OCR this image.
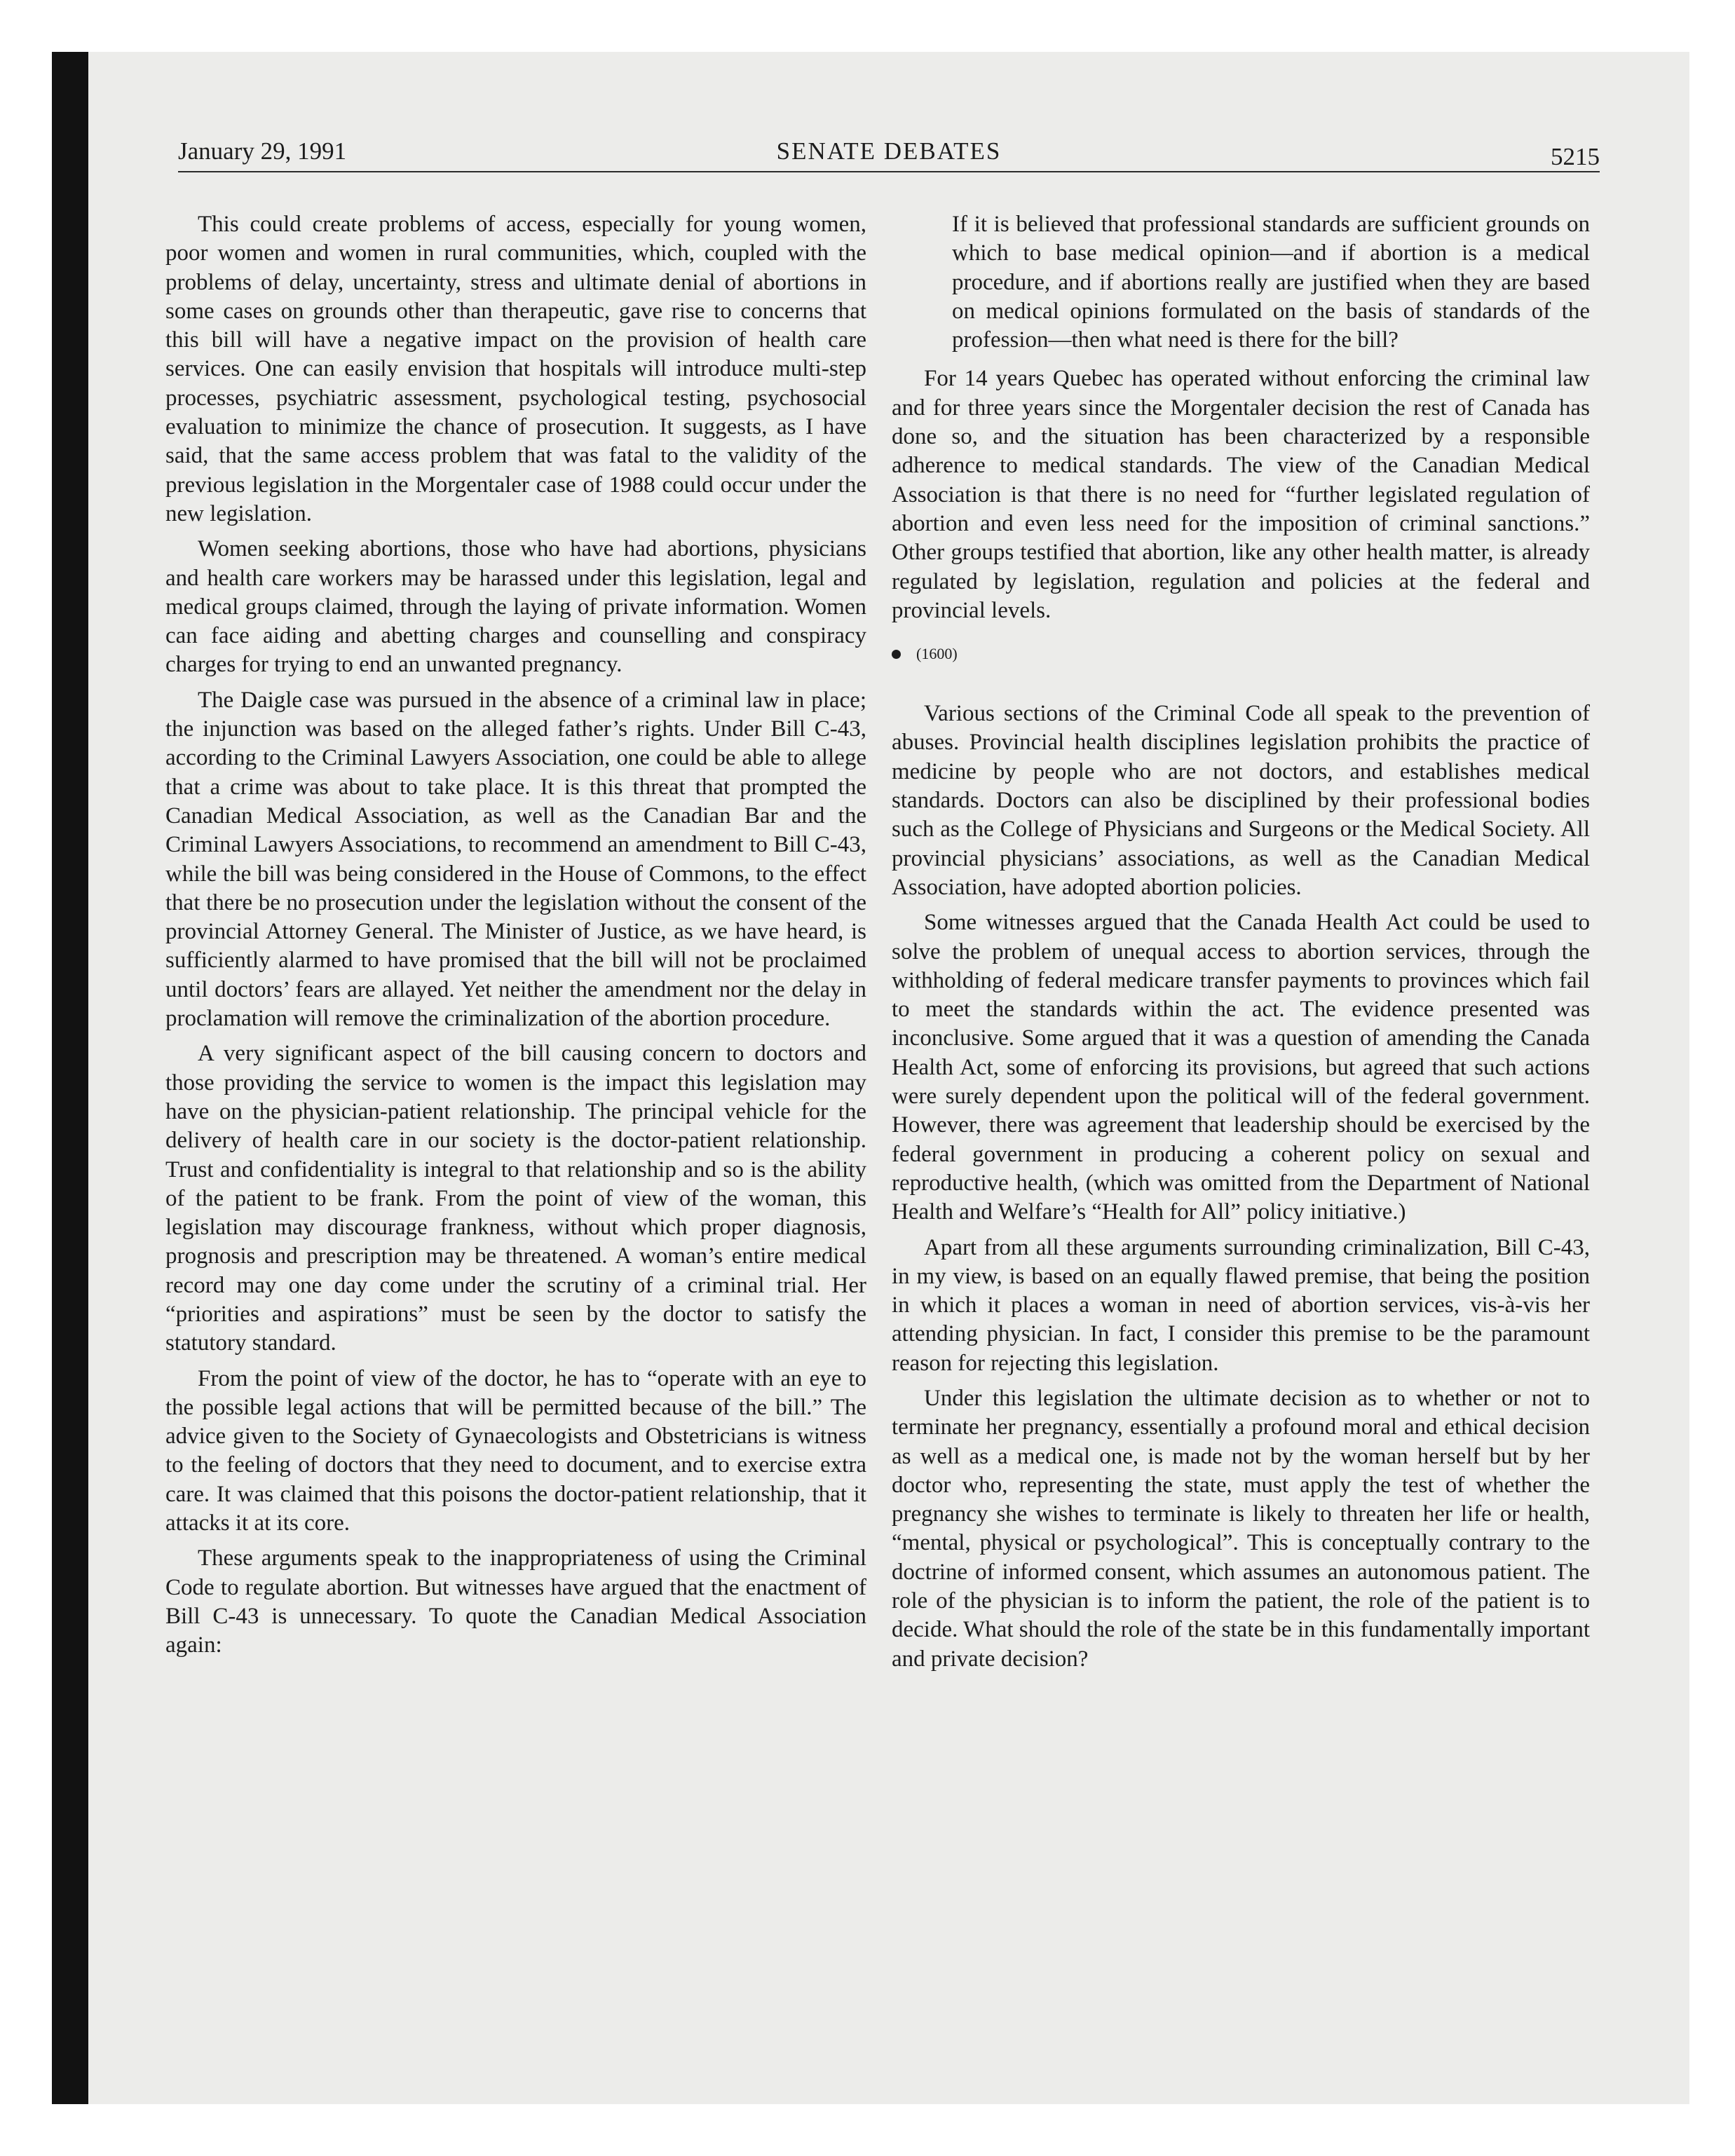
January 29, 1991	SENATE DEBATES	5215

This could create problems of access, especially for young women, poor women and women in rural communities, which, coupled with the problems of delay, uncertainty, stress and ultimate denial of abortions in some cases on grounds other than therapeutic, gave rise to concerns that this bill will have a negative impact on the provision of health care services. One can easily envision that hospitals will introduce multi-step processes, psychiatric assessment, psychological testing, psychosocial evaluation to minimize the chance of prosecution. It suggests, as I have said, that the same access problem that was fatal to the validity of the previous legislation in the Morgentaler case of 1988 could occur under the new legislation.

Women seeking abortions, those who have had abortions, physicians and health care workers may be harassed under this legislation, legal and medical groups claimed, through the laying of private information. Women can face aiding and abetting charges and counselling and conspiracy charges for trying to end an unwanted pregnancy.

The Daigle case was pursued in the absence of a criminal law in place; the injunction was based on the alleged father’s rights. Under Bill C-43, according to the Criminal Lawyers Association, one could be able to allege that a crime was about to take place. It is this threat that prompted the Canadian Medical Association, as well as the Canadian Bar and the Criminal Lawyers Associations, to recommend an amendment to Bill C-43, while the bill was being considered in the House of Commons, to the effect that there be no prosecution under the legislation without the consent of the provincial Attorney General. The Minister of Justice, as we have heard, is sufficiently alarmed to have promised that the bill will not be proclaimed until doctors’ fears are allayed. Yet neither the amendment nor the delay in proclamation will remove the criminalization of the abortion procedure.

A very significant aspect of the bill causing concern to doctors and those providing the service to women is the impact this legislation may have on the physician-patient relationship. The principal vehicle for the delivery of health care in our society is the doctor-patient relationship. Trust and confidentiality is integral to that relationship and so is the ability of the patient to be frank. From the point of view of the woman, this legislation may discourage frankness, without which proper diagnosis, prognosis and prescription may be threatened. A woman’s entire medical record may one day come under the scrutiny of a criminal trial. Her “priorities and aspirations” must be seen by the doctor to satisfy the statutory standard.

From the point of view of the doctor, he has to “operate with an eye to the possible legal actions that will be permitted because of the bill.” The advice given to the Society of Gynaecologists and Obstetricians is witness to the feeling of doctors that they need to document, and to exercise extra care. It was claimed that this poisons the doctor-patient relationship, that it attacks it at its core.

These arguments speak to the inappropriateness of using the Criminal Code to regulate abortion. But witnesses have argued that the enactment of Bill C-43 is unnecessary. To quote the Canadian Medical Association again:

If it is believed that professional standards are sufficient grounds on which to base medical opinion—and if abortion is a medical procedure, and if abortions really are justified when they are based on medical opinions formulated on the basis of standards of the profession—then what need is there for the bill?

For 14 years Quebec has operated without enforcing the criminal law and for three years since the Morgentaler decision the rest of Canada has done so, and the situation has been characterized by a responsible adherence to medical standards. The view of the Canadian Medical Association is that there is no need for “further legislated regulation of abortion and even less need for the imposition of criminal sanctions.” Other groups testified that abortion, like any other health matter, is already regulated by legislation, regulation and policies at the federal and provincial levels.

(1600)

Various sections of the Criminal Code all speak to the prevention of abuses. Provincial health disciplines legislation prohibits the practice of medicine by people who are not doctors, and establishes medical standards. Doctors can also be disciplined by their professional bodies such as the College of Physicians and Surgeons or the Medical Society. All provincial physicians’ associations, as well as the Canadian Medical Association, have adopted abortion policies.

Some witnesses argued that the Canada Health Act could be used to solve the problem of unequal access to abortion services, through the withholding of federal medicare transfer payments to provinces which fail to meet the standards within the act. The evidence presented was inconclusive. Some argued that it was a question of amending the Canada Health Act, some of enforcing its provisions, but agreed that such actions were surely dependent upon the political will of the federal government. However, there was agreement that leadership should be exercised by the federal government in producing a coherent policy on sexual and reproductive health, (which was omitted from the Department of National Health and Welfare’s “Health for All” policy initiative.)

Apart from all these arguments surrounding criminalization, Bill C-43, in my view, is based on an equally flawed premise, that being the position in which it places a woman in need of abortion services, vis-à-vis her attending physician. In fact, I consider this premise to be the paramount reason for rejecting this legislation.

Under this legislation the ultimate decision as to whether or not to terminate her pregnancy, essentially a profound moral and ethical decision as well as a medical one, is made not by the woman herself but by her doctor who, representing the state, must apply the test of whether the pregnancy she wishes to terminate is likely to threaten her life or health, “mental, physical or psychological”. This is conceptually contrary to the doctrine of informed consent, which assumes an autonomous patient. The role of the physician is to inform the patient, the role of the patient is to decide. What should the role of the state be in this fundamentally important and private decision?
